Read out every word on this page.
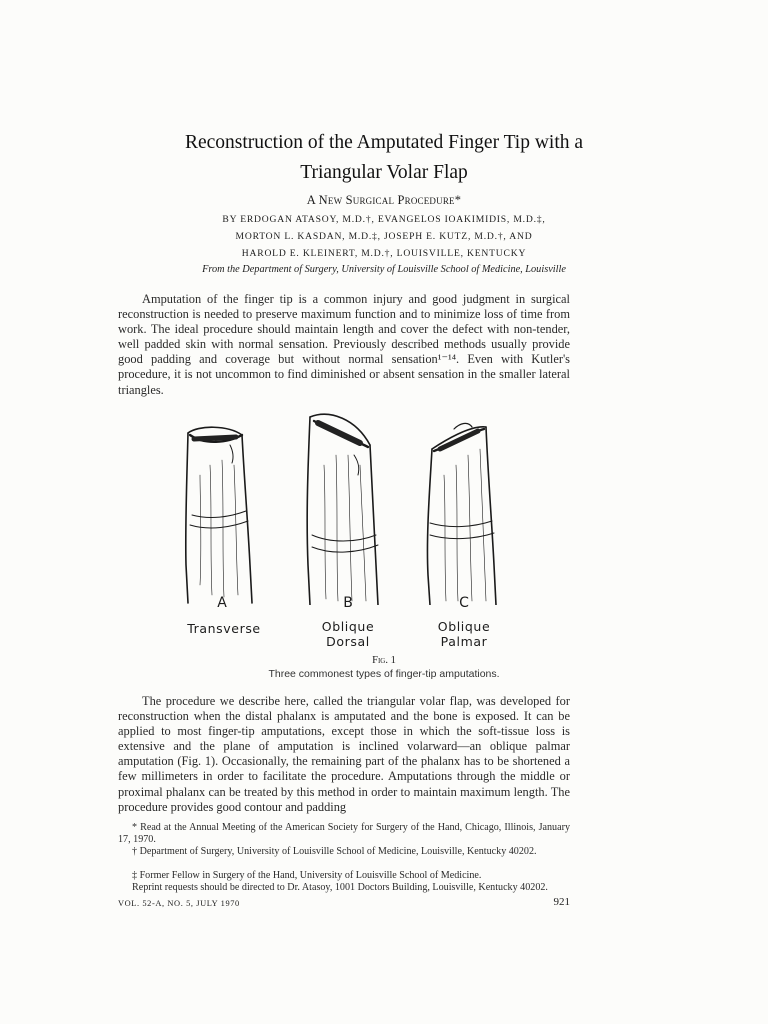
Reconstruction of the Amputated Finger Tip with a
Triangular Volar Flap
A New Surgical Procedure*
BY ERDOGAN ATASOY, M.D.†, EVANGELOS IOAKIMIDIS, M.D.‡,
MORTON L. KASDAN, M.D.‡, JOSEPH E. KUTZ, M.D.†, AND
HAROLD E. KLEINERT, M.D.†, LOUISVILLE, KENTUCKY
From the Department of Surgery, University of Louisville School of Medicine, Louisville
Amputation of the finger tip is a common injury and good judgment in surgical reconstruction is needed to preserve maximum function and to minimize loss of time from work. The ideal procedure should maintain length and cover the defect with non-tender, well padded skin with normal sensation. Previously described methods usually provide good padding and coverage but without normal sensation¹⁻¹⁴. Even with Kutler's procedure, it is not uncommon to find diminished or absent sensation in the smaller lateral triangles.
A	B	C
Transverse	Oblique
Dorsal
Oblique
Palmar
Fig. 1
Three commonest types of finger-tip amputations.
The procedure we describe here, called the triangular volar flap, was developed for reconstruction when the distal phalanx is amputated and the bone is exposed. It can be applied to most finger-tip amputations, except those in which the soft-tissue loss is extensive and the plane of amputation is inclined volarward—an oblique palmar amputation (Fig. 1). Occasionally, the remaining part of the phalanx has to be shortened a few millimeters in order to facilitate the procedure. Amputations through the middle or proximal phalanx can be treated by this method in order to maintain maximum length. The procedure provides good contour and padding
* Read at the Annual Meeting of the American Society for Surgery of the Hand, Chicago, Illinois, January 17, 1970.
† Department of Surgery, University of Louisville School of Medicine, Louisville, Kentucky 40202.
‡ Former Fellow in Surgery of the Hand, University of Louisville School of Medicine.
Reprint requests should be directed to Dr. Atasoy, 1001 Doctors Building, Louisville, Kentucky 40202.
VOL. 52-A, NO. 5, JULY 1970	921
